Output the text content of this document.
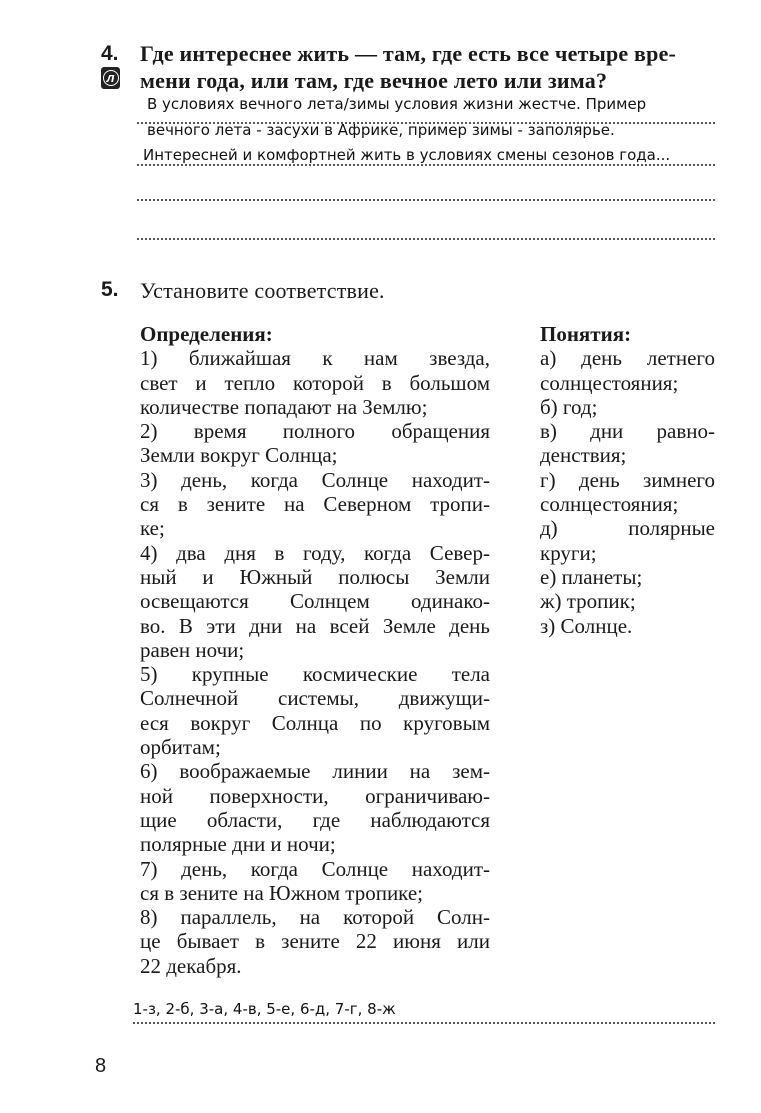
4.
л
Где интереснее жить — там, где есть все четыре вре-
мени года, или там, где вечное лето или зима?
В условиях вечного лета/зимы условия жизни жестче. Пример
вечного лета - засухи в Африке, пример зимы - заполярье.
Интересней и комфортней жить в условиях смены сезонов года...
5. Установите соответствие.
Определения:
1) ближайшая к нам звезда,
свет и тепло которой в большом
количестве попадают на Землю;
2) время полного обращения
Земли вокруг Солнца;
3) день, когда Солнце находит-
ся в зените на Северном тропи-
ке;
4) два дня в году, когда Север-
ный и Южный полюсы Земли
освещаются Солнцем одинако-
во. В эти дни на всей Земле день
равен ночи;
5) крупные космические тела
Солнечной системы, движущи-
еся вокруг Солнца по круговым
орбитам;
6) воображаемые линии на зем-
ной поверхности, ограничиваю-
щие области, где наблюдаются
полярные дни и ночи;
7) день, когда Солнце находит-
ся в зените на Южном тропике;
8) параллель, на которой Солн-
це бывает в зените 22 июня или
22 декабря.
Понятия:
а) день летнего
солнцестояния;
б) год;
в) дни равно-
денствия;
г) день зимнего
солнцестояния;
д) полярные
круги;
е) планеты;
ж) тропик;
з) Солнце.
1-з, 2-б, 3-а, 4-в, 5-е, 6-д, 7-г, 8-ж
8
